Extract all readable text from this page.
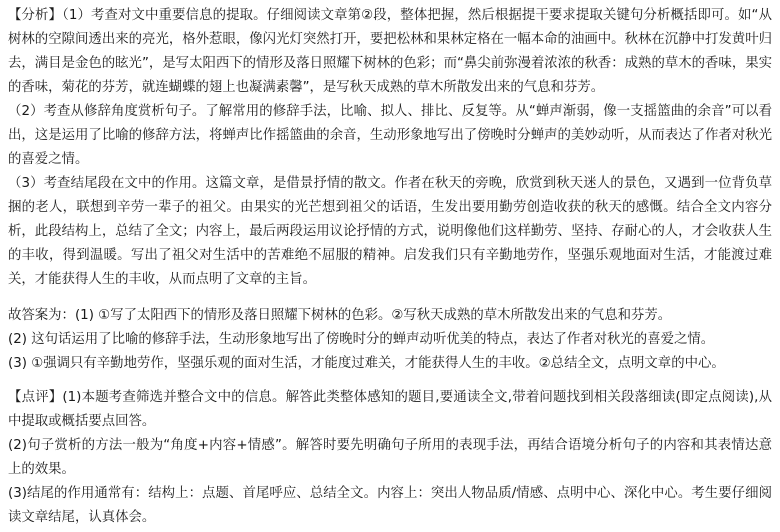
【分析】（1）考查对文中重要信息的提取。仔细阅读文章第②段，整体把握，然后根据提干要求提取关键句分析概括即可。如“从树林的空隙间透出来的亮光，格外惹眼，像闪光灯突然打开，要把松林和果林定格在一幅本命的油画中。秋林在沉静中打发黄叶归去，满目是金色的眩光”，是写太阳西下的情形及落日照耀下树林的色彩；而“鼻尖前弥漫着浓浓的秋香：成熟的草木的香味，果实的香味，菊花的芬芳，就连蝴蝶的翅上也凝满素馨”，是写秋天成熟的草木所散发出来的气息和芬芳。

（2）考查从修辞角度赏析句子。了解常用的修辞手法，比喻、拟人、排比、反复等。从“蝉声渐弱，像一支摇篮曲的余音”可以看出，这是运用了比喻的修辞方法，将蝉声比作摇篮曲的余音，生动形象地写出了傍晚时分蝉声的美妙动听，从而表达了作者对秋光的喜爱之情。

（3）考查结尾段在文中的作用。这篇文章，是借景抒情的散文。作者在秋天的旁晚，欣赏到秋天迷人的景色，又遇到一位背负草捆的老人，联想到辛劳一辈子的祖父。由果实的光芒想到祖父的话语，生发出要用勤劳创造收获的秋天的感慨。结合全文内容分析，此段结构上，总结了全文；内容上，最后两段运用议论抒情的方式，说明像他们这样勤劳、坚持、存耐心的人，才会收获人生的丰收，得到温暖。写出了祖父对生活中的苦难绝不屈服的精神。启发我们只有辛勤地劳作，坚强乐观地面对生活，才能渡过难关，才能获得人生的丰收，从而点明了文章的主旨。

故答案为：(1) ①写了太阳西下的情形及落日照耀下树林的色彩。②写秋天成熟的草木所散发出来的气息和芬芳。

(2) 这句话运用了比喻的修辞手法，生动形象地写出了傍晚时分的蝉声动听优美的特点，表达了作者对秋光的喜爱之情。

(3) ①强调只有辛勤地劳作，坚强乐观的面对生活，才能度过难关，才能获得人生的丰收。②总结全文，点明文章的中心。

【点评】(1)本题考查筛选并整合文中的信息。解答此类整体感知的题目,要通读全文,带着问题找到相关段落细读(即定点阅读),从中提取或概括要点回答。

(2)句子赏析的方法一般为“角度+内容+情感”。解答时要先明确句子所用的表现手法，再结合语境分析句子的内容和其表情达意上的效果。

(3)结尾的作用通常有：结构上：点题、首尾呼应、总结全文。内容上：突出人物品质/情感、点明中心、深化中心。考生要仔细阅读文章结尾，认真体会。
